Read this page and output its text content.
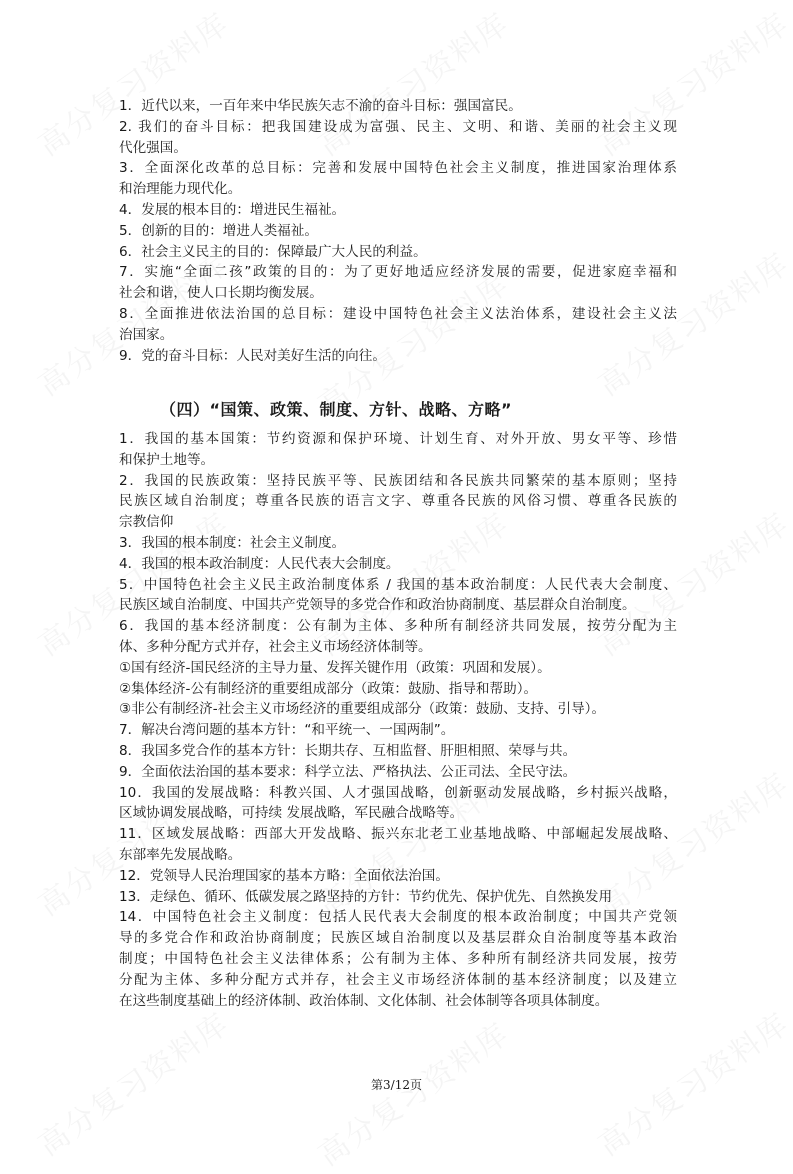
1．近代以来，一百年来中华民族矢志不渝的奋斗目标：强国富民。
2. 我们的奋斗目标：把我国建设成为富强、民主、文明、和谐、美丽的社会主义现
代化强国。
3．全面深化改革的总目标：完善和发展中国特色社会主义制度，推进国家治理体系
和治理能力现代化。
4．发展的根本目的：增进民生福祉。
5．创新的目的：增进人类福祉。
6．社会主义民主的目的：保障最广大人民的利益。
7．实施“全面二孩”政策的目的：为了更好地适应经济发展的需要，促进家庭幸福和
社会和谐，使人口长期均衡发展。
8．全面推进依法治国的总目标：建设中国特色社会主义法治体系，建设社会主义法
治国家。
9．党的奋斗目标：人民对美好生活的向往。
（四）“国策、政策、制度、方针、战略、方略”
1．我国的基本国策：节约资源和保护环境、计划生育、对外开放、男女平等、珍惜
和保护土地等。
2．我国的民族政策：坚持民族平等、民族团结和各民族共同繁荣的基本原则；坚持
民族区域自治制度；尊重各民族的语言文字、尊重各民族的风俗习惯、尊重各民族的
宗教信仰
3．我国的根本制度：社会主义制度。
4．我国的根本政治制度：人民代表大会制度。
5．中国特色社会主义民主政治制度体系 / 我国的基本政治制度：人民代表大会制度、
民族区域自治制度、中国共产党领导的多党合作和政治协商制度、基层群众自治制度。
6．我国的基本经济制度：公有制为主体、多种所有制经济共同发展，按劳分配为主
体、多种分配方式并存，社会主义市场经济体制等。
①国有经济-国民经济的主导力量、发挥关键作用（政策：巩固和发展）。
②集体经济-公有制经济的重要组成部分（政策：鼓励、指导和帮助）。
③非公有制经济-社会主义市场经济的重要组成部分（政策：鼓励、支持、引导）。
7．解决台湾问题的基本方针：“和平统一、一国两制”。
8．我国多党合作的基本方针：长期共存、互相监督、肝胆相照、荣辱与共。
9．全面依法治国的基本要求：科学立法、严格执法、公正司法、全民守法。
10．我国的发展战略：科教兴国、人才强国战略，创新驱动发展战略，乡村振兴战略，
区域协调发展战略，可持续 发展战略，军民融合战略等。
11．区域发展战略：西部大开发战略、振兴东北老工业基地战略、中部崛起发展战略、
东部率先发展战略。
12．党领导人民治理国家的基本方略：全面依法治国。
13．走绿色、循环、低碳发展之路坚持的方针：节约优先、保护优先、自然换发用
14．中国特色社会主义制度：包括人民代表大会制度的根本政治制度；中国共产党领
导的多党合作和政治协商制度；民族区域自治制度以及基层群众自治制度等基本政治
制度；中国特色社会主义法律体系；公有制为主体、多种所有制经济共同发展，按劳
分配为主体、多种分配方式并存，社会主义市场经济体制的基本经济制度；以及建立
在这些制度基础上的经济体制、政治体制、文化体制、社会体制等各项具体制度。
第3/12页
